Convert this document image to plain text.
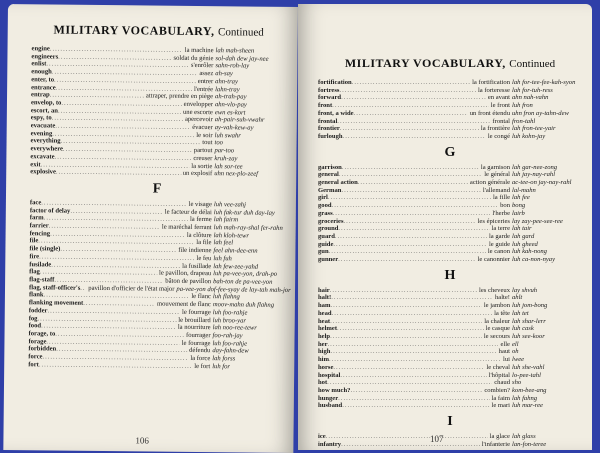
MILITARY VOCABULARY, Continued
engine .....	la machine lah mah-sheen
engineers .....	soldat du génie sol-dah dew jay-nee
enlist .....	s'enrôler sahn-roh-lay
enough .....	assez ah-say
enter, to .....	entrer ahn-tray
entrance .....	l'entrée lahn-tray
entrap .....	attraper, prendre en piège ah-trah-pay
envelop, to .....	envelopper ahn-vlo-pay
escort, an .....	une escorte ewn es-kort
espy, to .....	apercevoir ah-pair-suh-vwahr
evacuate .....	évacuer ay-vah-kew-ay
evening .....	le soir luh swahr
everything .....	tout too
everywhere .....	partout par-too
excavate .....	creuser kruh-zay
exit .....	la sortie lah sor-tee
explosive .....	un explosif uhn nex-plo-zeef
F
face .....	le visage luh vee-zahj
factor of delay .....	le facteur de délai luh fak-tur duh day-lay
farm .....	la ferme lah fairm
farrier .....	le maréchal ferrant luh mah-ray-shal fer-rahn
fencing .....	la clôture lah kloh-tewr
file .....	la file lah feel
file (single) .....	file indienne feel ahn-dee-enn
fire .....	le feu luh fuh
fusilade .....	la fusillade lah few-zee-yahd
flag .....	le pavillon, drapeau luh pa-vee-yon, drah-po
flag-staff .....	bâton de pavillon bah-ton de pa-vee-yon
flag, staff-officer's .....	pavillon d'officier de l'état major pa-vee-yon dof-fee-syay de lay-tah mah-jor
flank .....	le flanc luh flahng
flanking movement .....	mouvement de flanc moov-mahn duh flahng
fodder .....	le fourrage luh foo-rahje
fog .....	le brouillard luh broo-yar
food .....	la nourriture lah noo-ree-tewr
forage, to .....	fourrager foo-rah-jay
forage .....	le fourrage luh foo-rahje
forbidden .....	défendu day-fahn-dew
force .....	la force lah forss
fort .....	le fort luh for
106
MILITARY VOCABULARY, Continued
fortification .....	la fortification lah for-tee-fee-kah-syon
fortress .....	la forteresse lah for-tuh-ress
forward .....	en avant ahn nah-vahn
front .....	le front luh fron
front, a wide .....	un front étendu uhn fron ay-tahn-dew
frontal .....	frontal fron-tahl
frontier .....	la frontière lah fron-tee-yair
furlough .....	le congé luh kohn-jay
G
garrison .....	la garnison lah gar-nee-zong
general .....	le général luh jay-nay-rahl
general action .....	action générale ac-tee-on jay-nay-rahl
German .....	l'allemand lal-mahn
girl .....	la fille lah fee
good .....	bon bong
grass .....	l'herbe lairb
groceries .....	les épiceries lay zay-pee-see-ree
ground .....	la terre lah tair
guard .....	la garde lah gard
guide .....	le guide luh gheed
gun .....	le canon luh kah-nong
gunner .....	le canonnier luh ca-non-nyay
H
hair .....	les cheveux lay shvuh
halt! .....	halte! ahlt
ham .....	le jambon luh jom-bong
head .....	la tête lah tet
heat .....	la chaleur lah shar-lerr
helmet .....	le casque luh cask
help .....	le secours luh see-koor
her .....	elle ell
high .....	haut oh
him .....	lui lwee
horse .....	le cheval luh she-vahl
hospital .....	l'hôpital lo-pee-tahl
hot .....	chaud sho
how much? .....	combien? kom-bee-ang
hunger .....	la faim lah fahng
husband .....	le mari luh mar-ree
I
ice .....	la glace lah glass
infantry .....	l'infanterie lan-fon-teree
107
